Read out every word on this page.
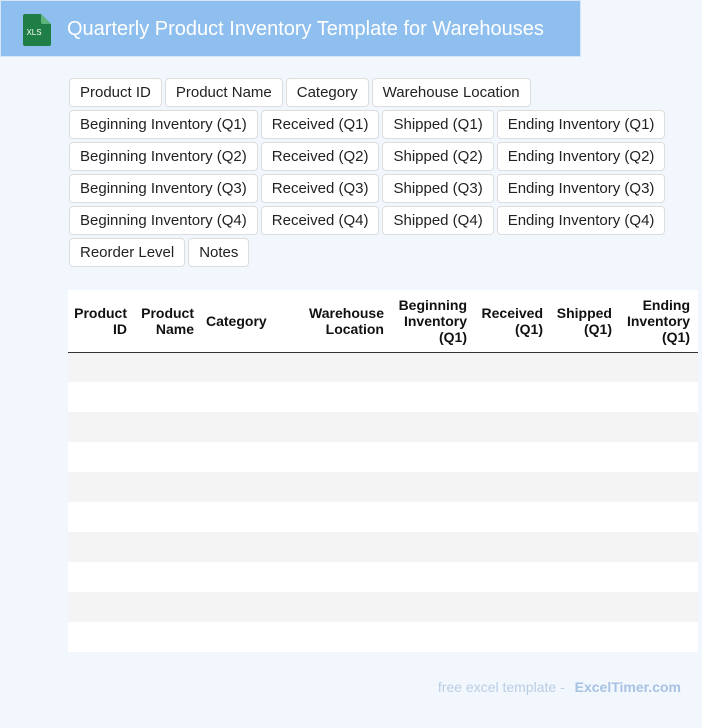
XLS Quarterly Product Inventory Template for Warehouses
Product ID	Product Name	Category	Warehouse Location
Beginning Inventory (Q1)	Received (Q1)	Shipped (Q1)	Ending Inventory (Q1)
Beginning Inventory (Q2)	Received (Q2)	Shipped (Q2)	Ending Inventory (Q2)
Beginning Inventory (Q3)	Received (Q3)	Shipped (Q3)	Ending Inventory (Q3)
Beginning Inventory (Q4)	Received (Q4)	Shipped (Q4)	Ending Inventory (Q4)
Reorder Level	Notes
Product ID	Product Name	Category	Warehouse Location	Beginning Inventory (Q1)	Received (Q1)	Shipped (Q1)	Ending Inventory (Q1)

free excel template - ExcelTimer.com
